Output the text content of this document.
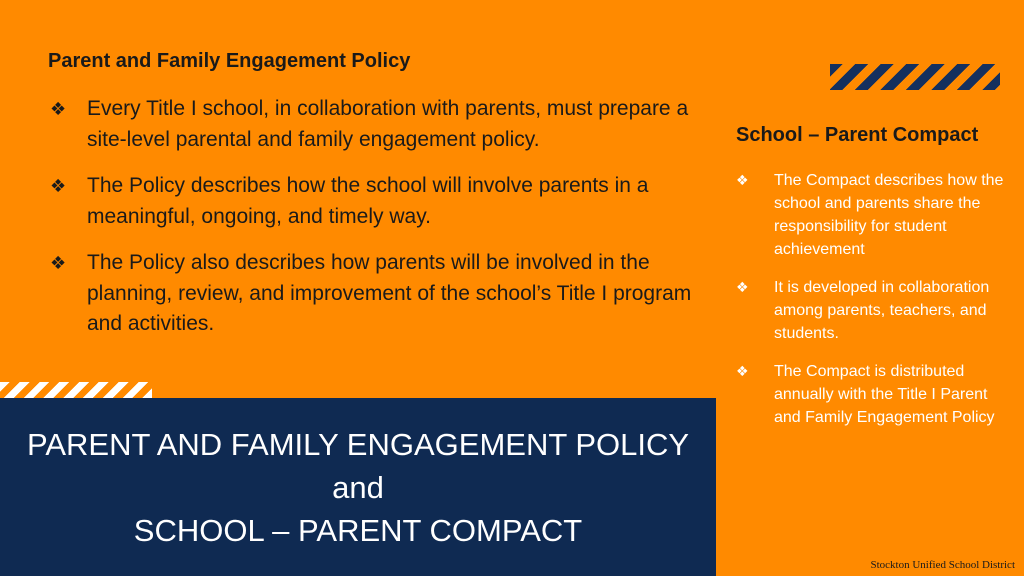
Parent and Family Engagement Policy
❖ Every Title I school, in collaboration with parents, must prepare a site-level parental and family engagement policy.
❖ The Policy describes how the school will involve parents in a meaningful, ongoing, and timely way.
❖ The Policy also describes how parents will be involved in the planning, review, and improvement of the school’s Title I program and activities.
School – Parent Compact
❖ The Compact describes how the school and parents share the responsibility for student achievement
❖ It is developed in collaboration among parents, teachers, and students.
❖ The Compact is distributed annually with the Title I Parent and Family Engagement Policy
PARENT AND FAMILY ENGAGEMENT POLICY
and
SCHOOL – PARENT COMPACT
Stockton Unified School District
